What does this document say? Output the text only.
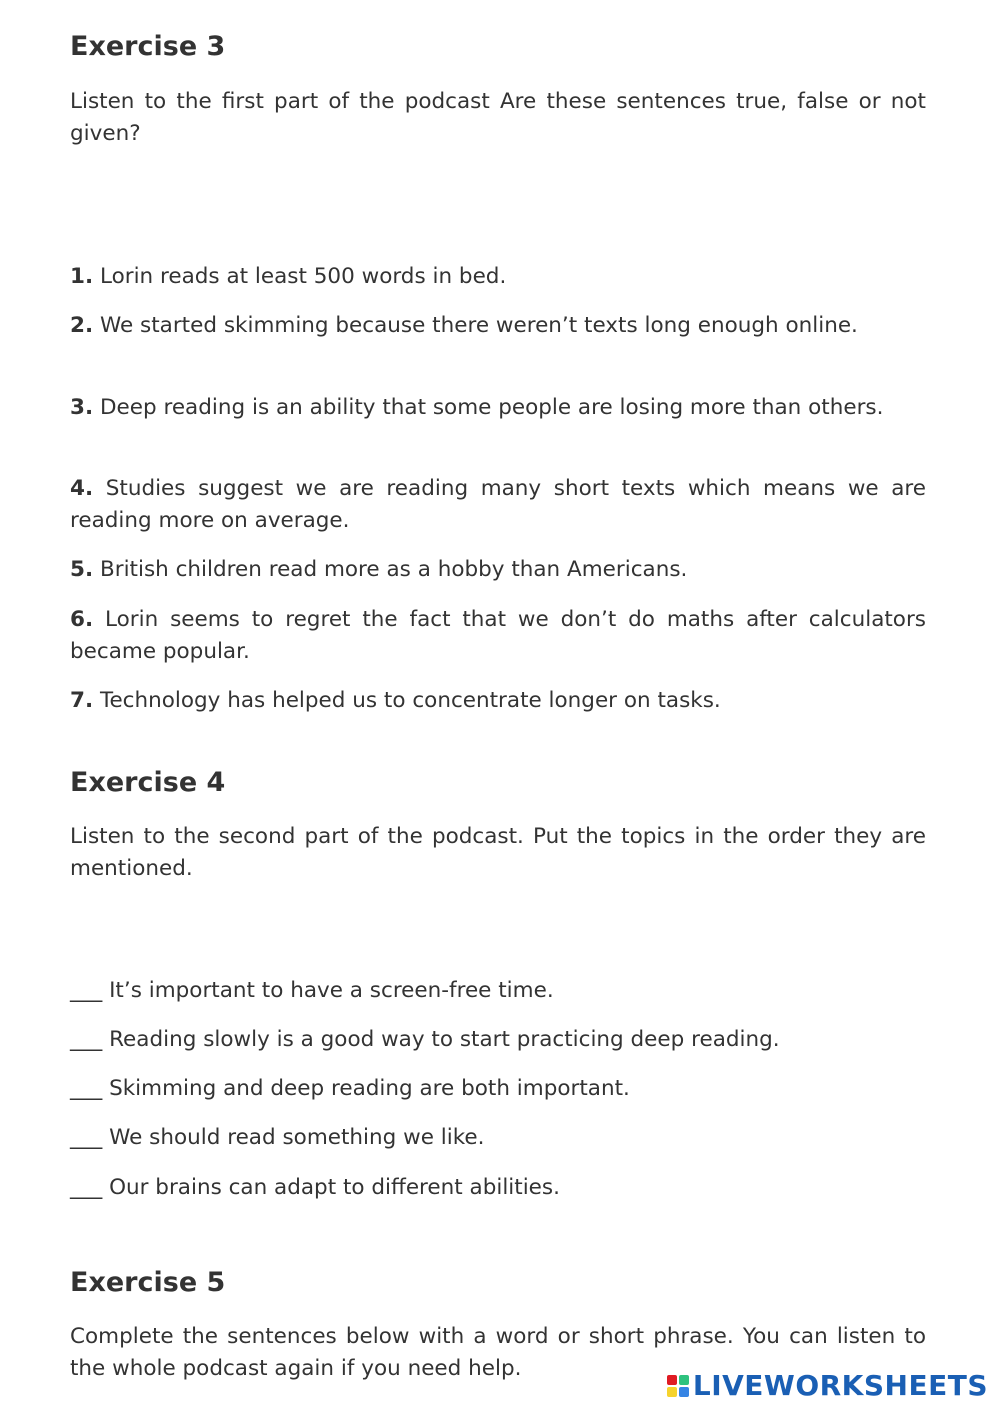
Exercise 3

Listen to the first part of the podcast Are these sentences true, false or not given?

1. Lorin reads at least 500 words in bed.

2. We started skimming because there weren’t texts long enough online.

3. Deep reading is an ability that some people are losing more than others.

4. Studies suggest we are reading many short texts which means we are reading more on average.

5. British children read more as a hobby than Americans.

6. Lorin seems to regret the fact that we don’t do maths after calculators became popular.

7. Technology has helped us to concentrate longer on tasks.

Exercise 4

Listen to the second part of the podcast. Put the topics in the order they are mentioned.

___ It’s important to have a screen-free time.

___ Reading slowly is a good way to start practicing deep reading.

___ Skimming and deep reading are both important.

___ We should read something we like.

___ Our brains can adapt to diﬀerent abilities.

Exercise 5

Complete the sentences below with a word or short phrase. You can listen to the whole podcast again if you need help.

LIVEWORKSHEETS
